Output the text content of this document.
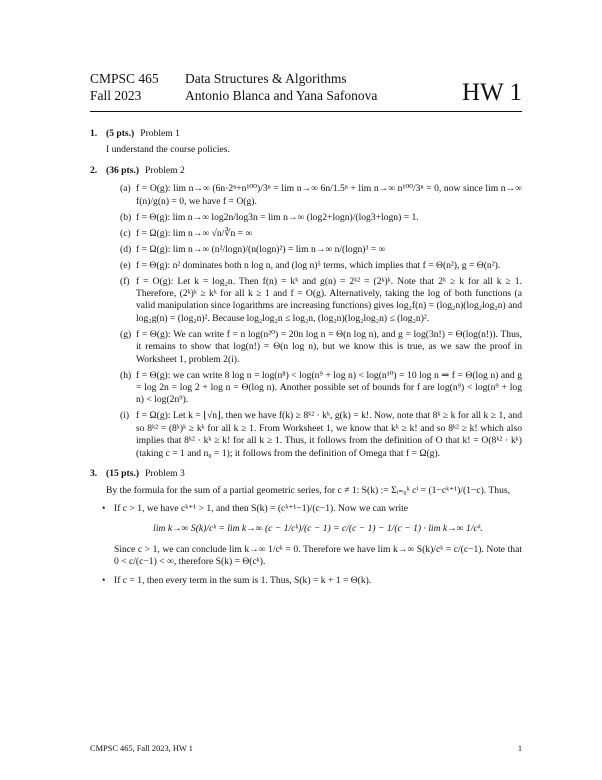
CMPSC 465
Fall 2023
Data Structures & Algorithms
Antonio Blanca and Yana Safonova	HW 1
1. (5 pts.) Problem 1
I understand the course policies.
2. (36 pts.) Problem 2
(a) f = O(g): lim n→∞ (6n·2ⁿ+n¹⁰⁰)/3ⁿ = lim n→∞ 6n/1.5ⁿ + lim n→∞ n¹⁰⁰/3ⁿ = 0, now since lim n→∞ f(n)/g(n) = 0, we have f = O(g).
(b) f = Θ(g): lim n→∞ log2n/log3n = lim n→∞ (log2+logn)/(log3+logn) = 1.
(c) f = Ω(g): lim n→∞ √n/∛n = ∞
(d) f = Ω(g): lim n→∞ (n²/logn)/(n(logn)²) = lim n→∞ n/(logn)³ = ∞
(e) f = Θ(g): n² dominates both n log n, and (log n)⁵ terms, which implies that f = Θ(n²), g = Θ(n²).
(f) f = O(g): Let k = log₂n. Then f(n) = kᵏ and g(n) = 2ᵏ² = (2ᵏ)ᵏ. Note that 2ᵏ ≥ k for all k ≥ 1. Therefore, (2ᵏ)ᵏ ≥ kᵏ for all k ≥ 1 and f = O(g). Alternatively, taking the log of both functions (a valid manipulation since logarithms are increasing functions) gives log₂f(n) = (log₂n)(log₂log₂n) and log₂g(n) = (log₂n)². Because log₂log₂n ≤ log₂n, (log₂n)(log₂log₂n) ≤ (log₂n)².
(g) f = Θ(g): We can write f = n log(n²⁰) = 20n log n = Θ(n log n), and g = log(3n!) = Θ(log(n!)). Thus, it remains to show that log(n!) = Θ(n log n), but we know this is true, as we saw the proof in Worksheet 1, problem 2(i).
(h) f = Θ(g): we can write 8 log n = log(n⁸) < log(n⁹ + log n) < log(n¹⁰) = 10 log n ⇒ f = Θ(log n) and g = log 2n = log 2 + log n = Θ(log n). Another possible set of bounds for f are log(n⁹) < log(n⁹ + log n) < log(2n⁹).
(i) f = Ω(g): Let k = ⌊√n⌋, then we have f(k) ≥ 8ᵏ² · kᵏ, g(k) = k!. Now, note that 8ᵏ ≥ k for all k ≥ 1, and so 8ᵏ² = (8ᵏ)ᵏ ≥ kᵏ for all k ≥ 1. From Worksheet 1, we know that kᵏ ≥ k! and so 8ᵏ² ≥ k! which also implies that 8ᵏ² · kᵏ ≥ k! for all k ≥ 1. Thus, it follows from the definition of O that k! = O(8ᵏ² · kᵏ) (taking c = 1 and n₀ = 1); it follows from the definition of Omega that f = Ω(g).
3. (15 pts.) Problem 3
By the formula for the sum of a partial geometric series, for c ≠ 1: S(k) := Σᵢ₌₀ᵏ cⁱ = (1−cᵏ⁺¹)/(1−c). Thus,
• If c > 1, we have cᵏ⁺¹ > 1, and then S(k) = (cᵏ⁺¹−1)/(c−1). Now we can write
lim k→∞ S(k)/cᵏ = lim k→∞ (c − 1/cᵏ)/(c − 1) = c/(c − 1) − 1/(c − 1) · lim k→∞ 1/cᵏ.
Since c > 1, we can conclude lim k→∞ 1/cᵏ = 0. Therefore we have lim k→∞ S(k)/cᵏ = c/(c−1). Note that 0 < c/(c−1) < ∞, therefore S(k) = Θ(cᵏ).
• If c = 1, then every term in the sum is 1. Thus, S(k) = k + 1 = Θ(k).
CMPSC 465, Fall 2023, HW 1	1
